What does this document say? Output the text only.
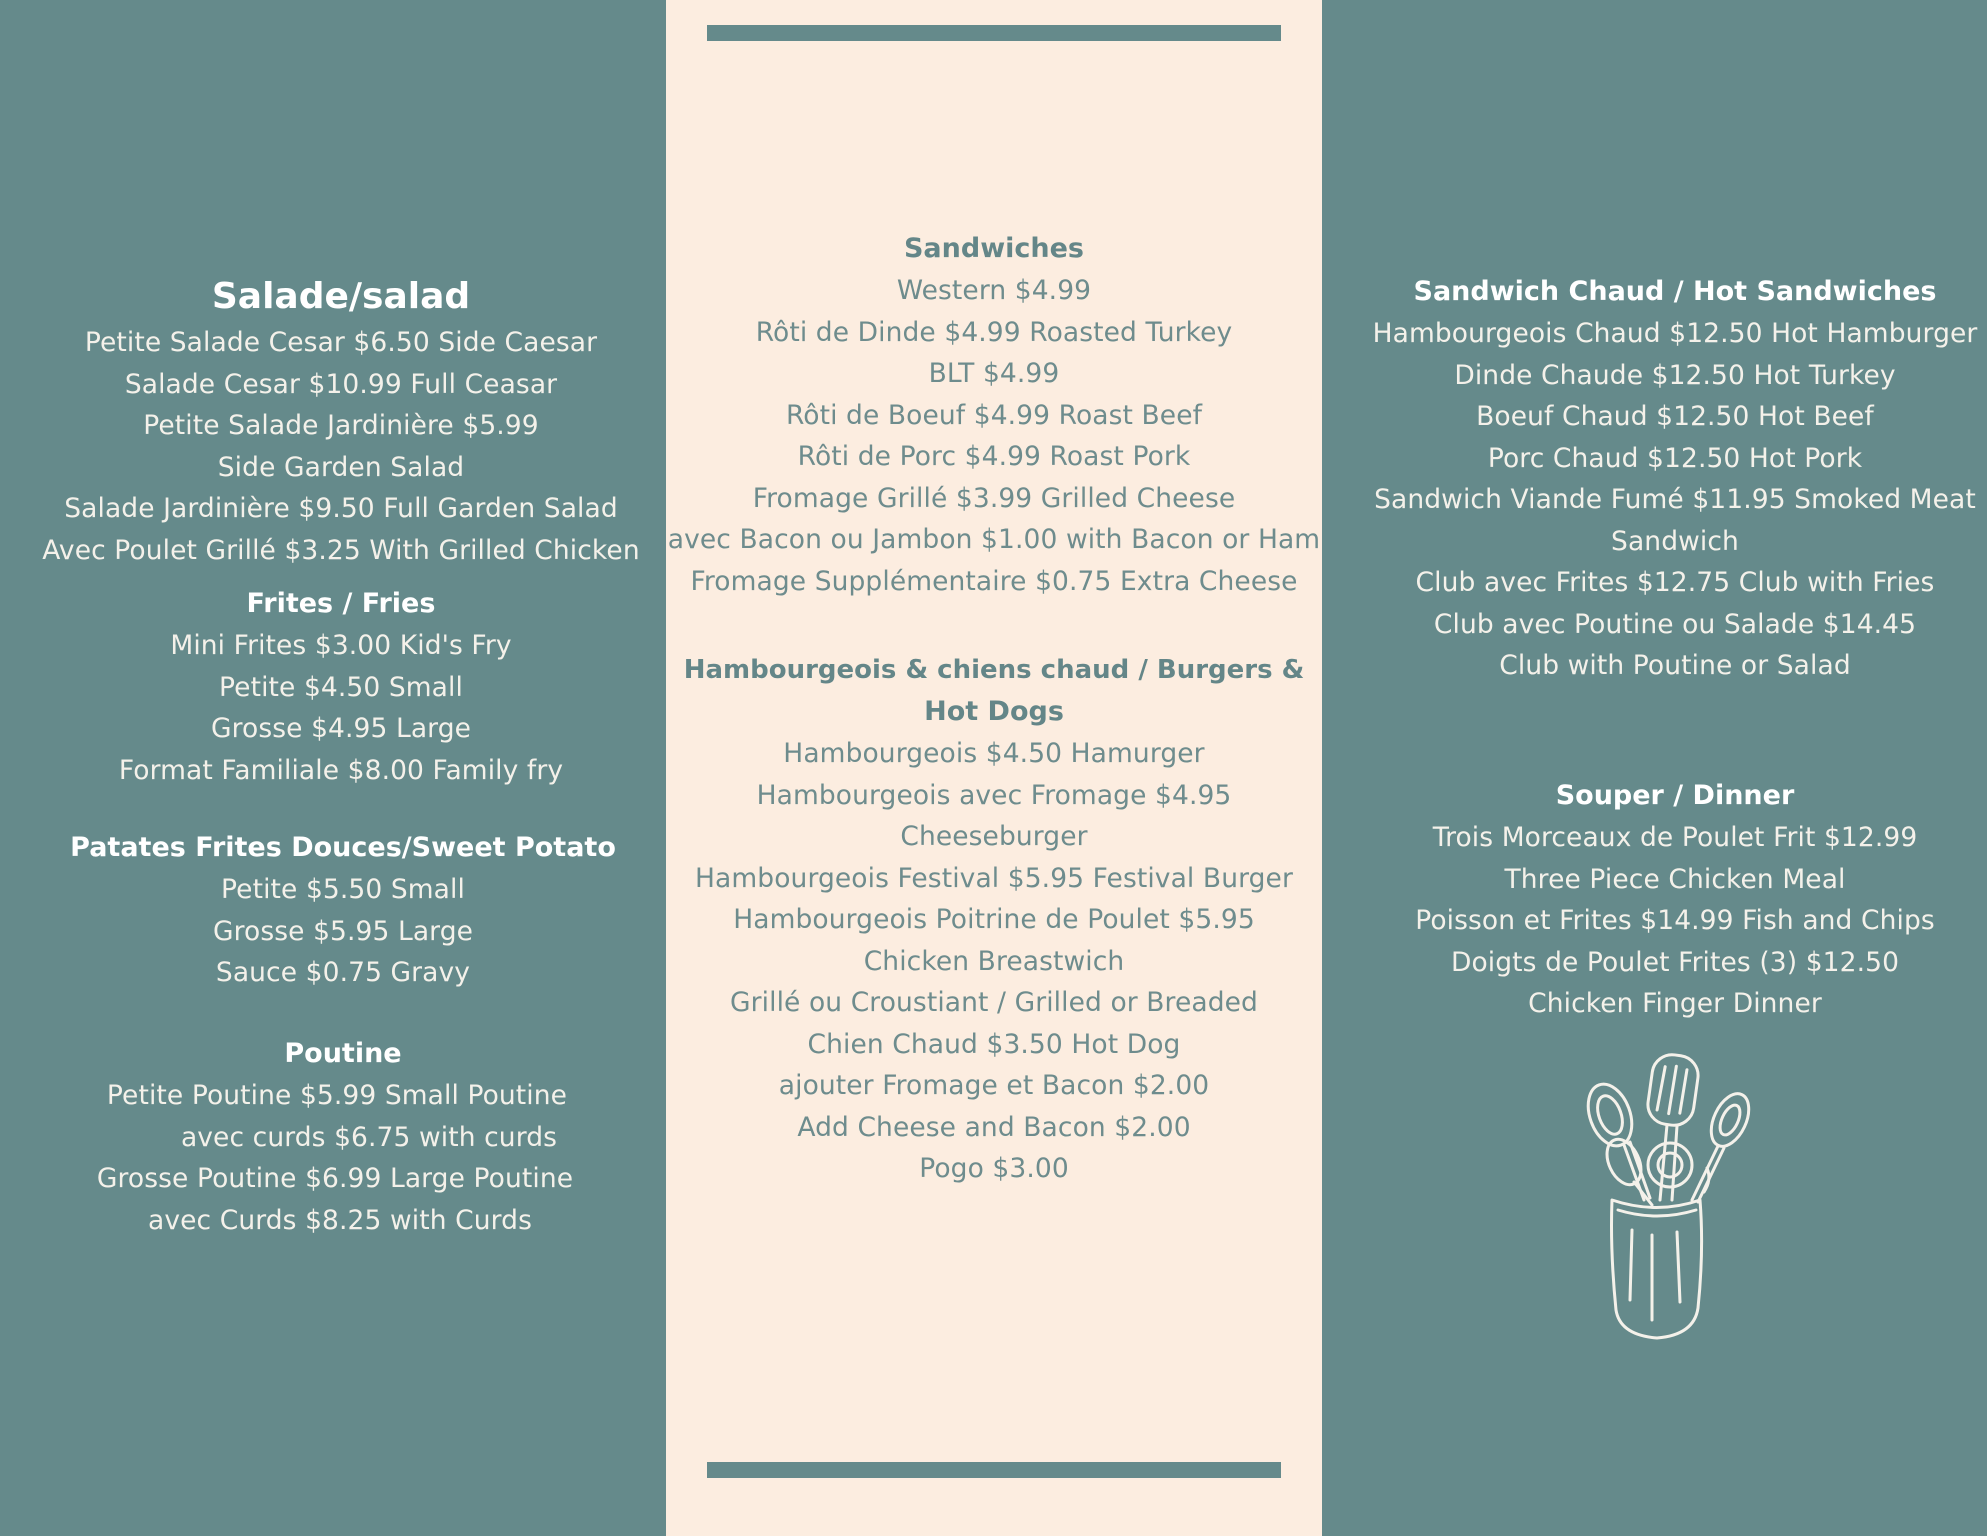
Salade/salad
Petite Salade Cesar $6.50 Side Caesar
Salade Cesar $10.99 Full Ceasar
Petite Salade Jardinière $5.99
Side Garden Salad
Salade Jardinière $9.50 Full Garden Salad
Avec Poulet Grillé $3.25 With Grilled Chicken
Frites / Fries
Mini Frites $3.00 Kid's Fry
Petite $4.50 Small
Grosse $4.95 Large
Format Familiale $8.00 Family fry
Patates Frites Douces/Sweet Potato
Petite $5.50 Small
Grosse $5.95 Large
Sauce $0.75 Gravy
Poutine
Petite Poutine $5.99 Small Poutine
avec curds $6.75 with curds
Grosse Poutine $6.99 Large Poutine
avec Curds $8.25 with Curds
Sandwiches
Western $4.99
Rôti de Dinde $4.99 Roasted Turkey
BLT $4.99
Rôti de Boeuf $4.99 Roast Beef
Rôti de Porc $4.99 Roast Pork
Fromage Grillé $3.99 Grilled Cheese
avec Bacon ou Jambon $1.00 with Bacon or Ham
Fromage Supplémentaire $0.75 Extra Cheese
Hambourgeois & chiens chaud / Burgers &
Hot Dogs
Hambourgeois $4.50 Hamurger
Hambourgeois avec Fromage $4.95
Cheeseburger
Hambourgeois Festival $5.95 Festival Burger
Hambourgeois Poitrine de Poulet $5.95
Chicken Breastwich
Grillé ou Croustiant / Grilled or Breaded
Chien Chaud $3.50 Hot Dog
ajouter Fromage et Bacon $2.00
Add Cheese and Bacon $2.00
Pogo $3.00
Sandwich Chaud / Hot Sandwiches
Hambourgeois Chaud $12.50 Hot Hamburger
Dinde Chaude $12.50 Hot Turkey
Boeuf Chaud $12.50 Hot Beef
Porc Chaud $12.50 Hot Pork
Sandwich Viande Fumé $11.95 Smoked Meat
Sandwich
Club avec Frites $12.75 Club with Fries
Club avec Poutine ou Salade $14.45
Club with Poutine or Salad
Souper / Dinner
Trois Morceaux de Poulet Frit $12.99
Three Piece Chicken Meal
Poisson et Frites $14.99 Fish and Chips
Doigts de Poulet Frites (3) $12.50
Chicken Finger Dinner
